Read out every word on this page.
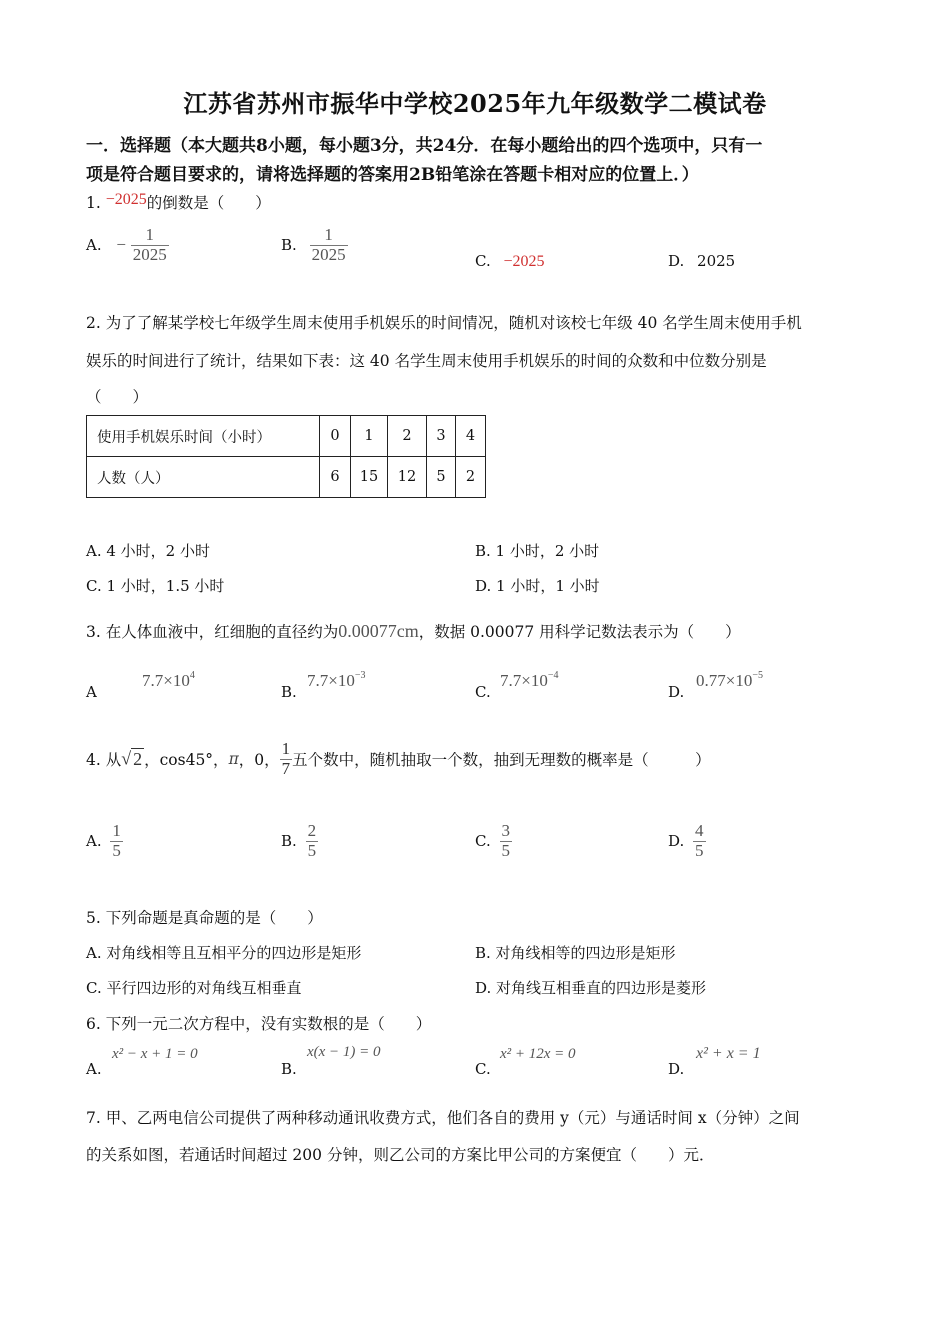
江苏省苏州市振华中学校2025年九年级数学二模试卷
一．选择题（本大题共8小题，每小题3分，共24分．在每小题给出的四个选项中，只有一
项是符合题目要求的，请将选择题的答案用2B铅笔涂在答题卡相对应的位置上．）
1. −2025的倒数是（　　）
A. − $\frac{1}{2025}$	B. $\frac{1}{2025}$	C. −2025	D. 2025
2. 为了了解某学校七年级学生周末使用手机娱乐的时间情况，随机对该校七年级 40 名学生周末使用手机
娱乐的时间进行了统计，结果如下表：这 40 名学生周末使用手机娱乐的时间的众数和中位数分别是
（　　）
使用手机娱乐时间（小时）	0	1	2	3	4
人数（人）	6	15	12	5	2
A. 4 小时，2 小时	B. 1 小时，2 小时
C. 1 小时，1.5 小时	D. 1 小时，1 小时
3. 在人体血液中，红细胞的直径约为0.00077cm，数据 0.00077 用科学记数法表示为（　　）
A
$7.7\times 10^4$
B.
$7.7\times 10^{-3}$
C.
$7.7\times 10^{-4}$
D.
$0.77\times 10^{-5}$
4. 从√ 2 ，cos45°，π，0， $\frac{1}{7}$ 五个数中，随机抽取一个数，抽到无理数的概率是（　　　）
A. $\frac{1}{5}$	B. $\frac{2}{5}$	C. $\frac{3}{5}$	D. $\frac{4}{5}$
5. 下列命题是真命题的是（　　）
A. 对角线相等且互相平分的四边形是矩形	B. 对角线相等的四边形是矩形
C. 平行四边形的对角线互相垂直	D. 对角线互相垂直的四边形是菱形
6. 下列一元二次方程中，没有实数根的是（　　）
A.
x² − x + 1 = 0
B.
x(x − 1) = 0
C.
x² + 12x = 0
D.
x² + x = 1
7. 甲、乙两电信公司提供了两种移动通讯收费方式，他们各自的费用 y（元）与通话时间 x（分钟）之间
的关系如图，若通话时间超过 200 分钟，则乙公司的方案比甲公司的方案便宜（　　）元．
